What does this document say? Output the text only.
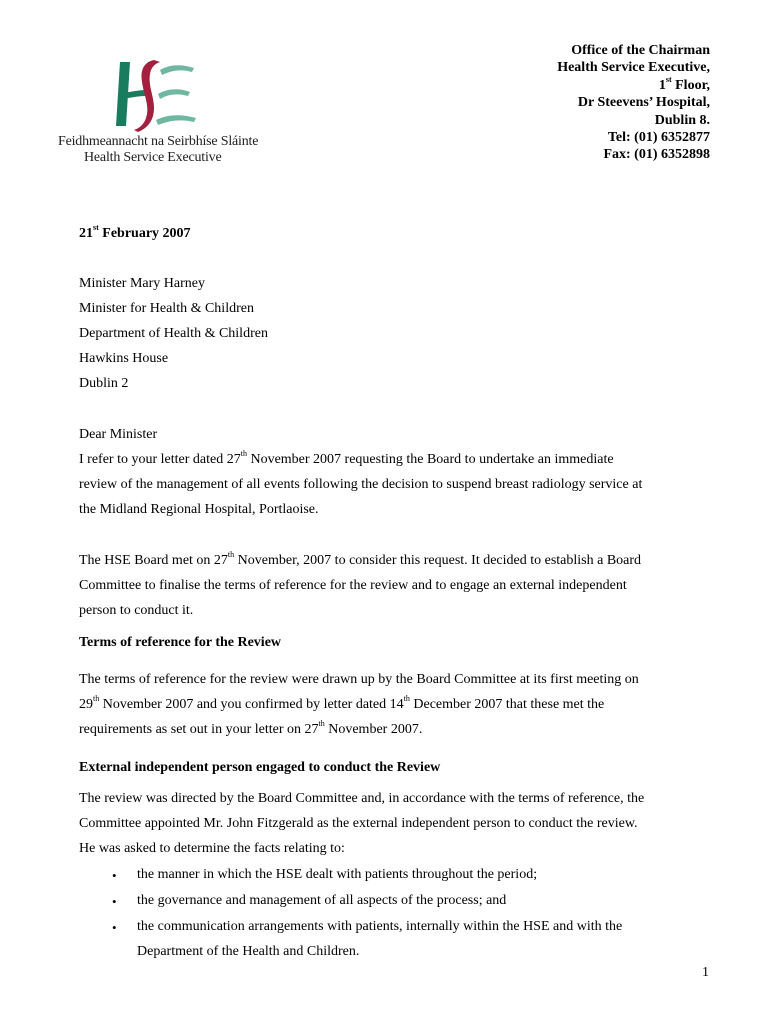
Feidhmeannacht na Seirbhíse Sláinte
Health Service Executive
Office of the Chairman
Health Service Executive,
1st Floor,
Dr Steevens’ Hospital,
Dublin 8.
Tel: (01) 6352877
Fax: (01) 6352898
21st February 2007
Minister Mary Harney
Minister for Health & Children
Department of Health & Children
Hawkins House
Dublin 2
Dear Minister
I refer to your letter dated 27th November 2007 requesting the Board to undertake an immediate
review of the management of all events following the decision to suspend breast radiology service at
the Midland Regional Hospital, Portlaoise.
The HSE Board met on 27th November, 2007 to consider this request. It decided to establish a Board
Committee to finalise the terms of reference for the review and to engage an external independent
person to conduct it.
Terms of reference for the Review
The terms of reference for the review were drawn up by the Board Committee at its first meeting on
29th November 2007 and you confirmed by letter dated 14th December 2007 that these met the
requirements as set out in your letter on 27th November 2007.
External independent person engaged to conduct the Review
The review was directed by the Board Committee and, in accordance with the terms of reference, the
Committee appointed Mr. John Fitzgerald as the external independent person to conduct the review.
He was asked to determine the facts relating to:
• the manner in which the HSE dealt with patients throughout the period;
• the governance and management of all aspects of the process; and
• the communication arrangements with patients, internally within the HSE and with the
Department of the Health and Children.
1
